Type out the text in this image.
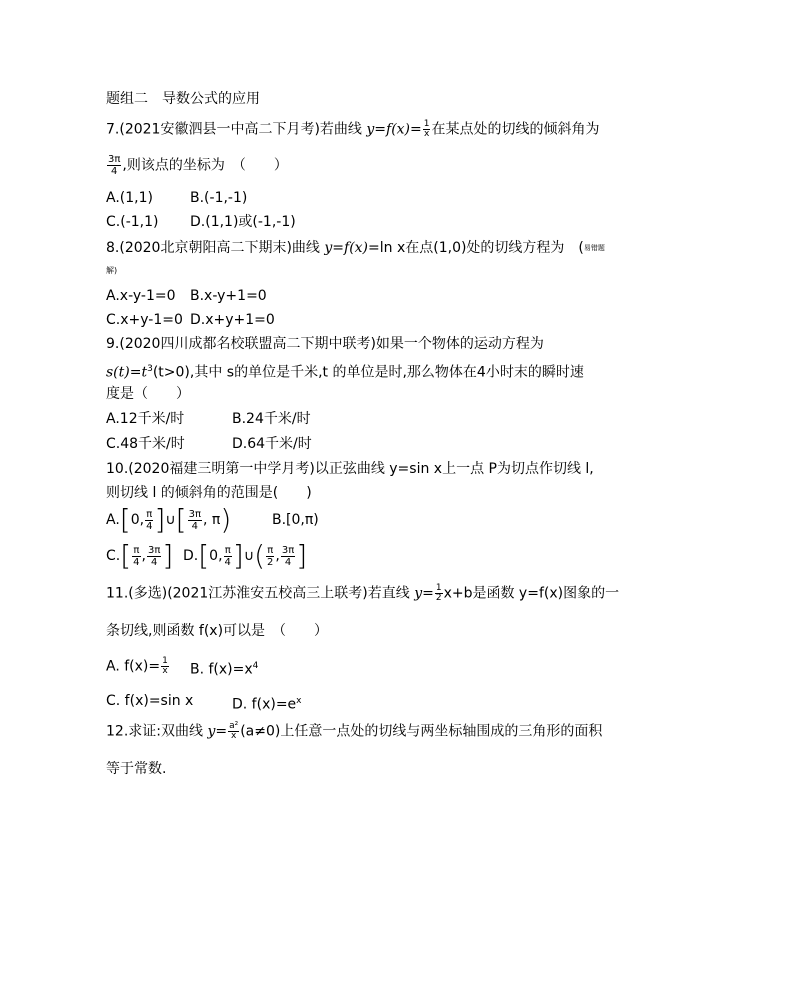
题组二　导数公式的应用
7.(2021安徽泗县一中高二下月考)若曲线 $y=f(x)= \frac{1}{x}$ 在某点处的切线的倾斜角为
$\frac{3\pi}{4}$ ,则该点的坐标为　（　　）
A.(1,1)	B.(-1,-1)
C.(-1,1) D.(1,1)或(-1,-1)
8.(2020北京朝阳高二下期末)曲线 y=f(x)=ln x在点(1,0)处的切线方程为　($^{易错题}$
解)
A.x-y-1=0 B.x-y+1=0
C.x+y-1=0 D.x+y+1=0
9.(2020四川成都名校联盟高二下期中联考)如果一个物体的运动方程为
$s(t)=t^3(t>0)$,其中 s的单位是千米,t 的单位是时,那么物体在4小时末的瞬时速
度是（　　）
A.12千米/时	B.24千米/时
C.48千米/时	D.64千米/时
10.(2020福建三明第一中学月考)以正弦曲线 y=sin x上一点 P为切点作切线 l,
则切线 l 的倾斜角的范围是(　　)
A.[0, $\frac{\pi}{4}$ ]∪[ $\frac{3\pi}{4}$ , π)	B.[0,π)
$C.[ \frac{\pi}{4}$ , $\frac{3\pi}{4}$ ] D.[0, $\frac{\pi}{4}$ ]∪( $\frac{\pi}{2}$ , $\frac{3\pi}{4}$ ]
11.(多选)(2021江苏淮安五校高三上联考)若直线 $y= \frac{1}{2} x+b$是函数 y=f(x)图象的一
条切线,则函数 f(x)可以是　（　　）
A. $f(x)= \frac{1}{x} B$. $f(x)=x^4$
C. f(x)=sin x	D. $f(x)=e^x$
12.求证:双曲线 $y= \frac{\text{a²}}{x} (a\ne 0)$上任意一点处的切线与两坐标轴围成的三角形的面积
等于常数.
